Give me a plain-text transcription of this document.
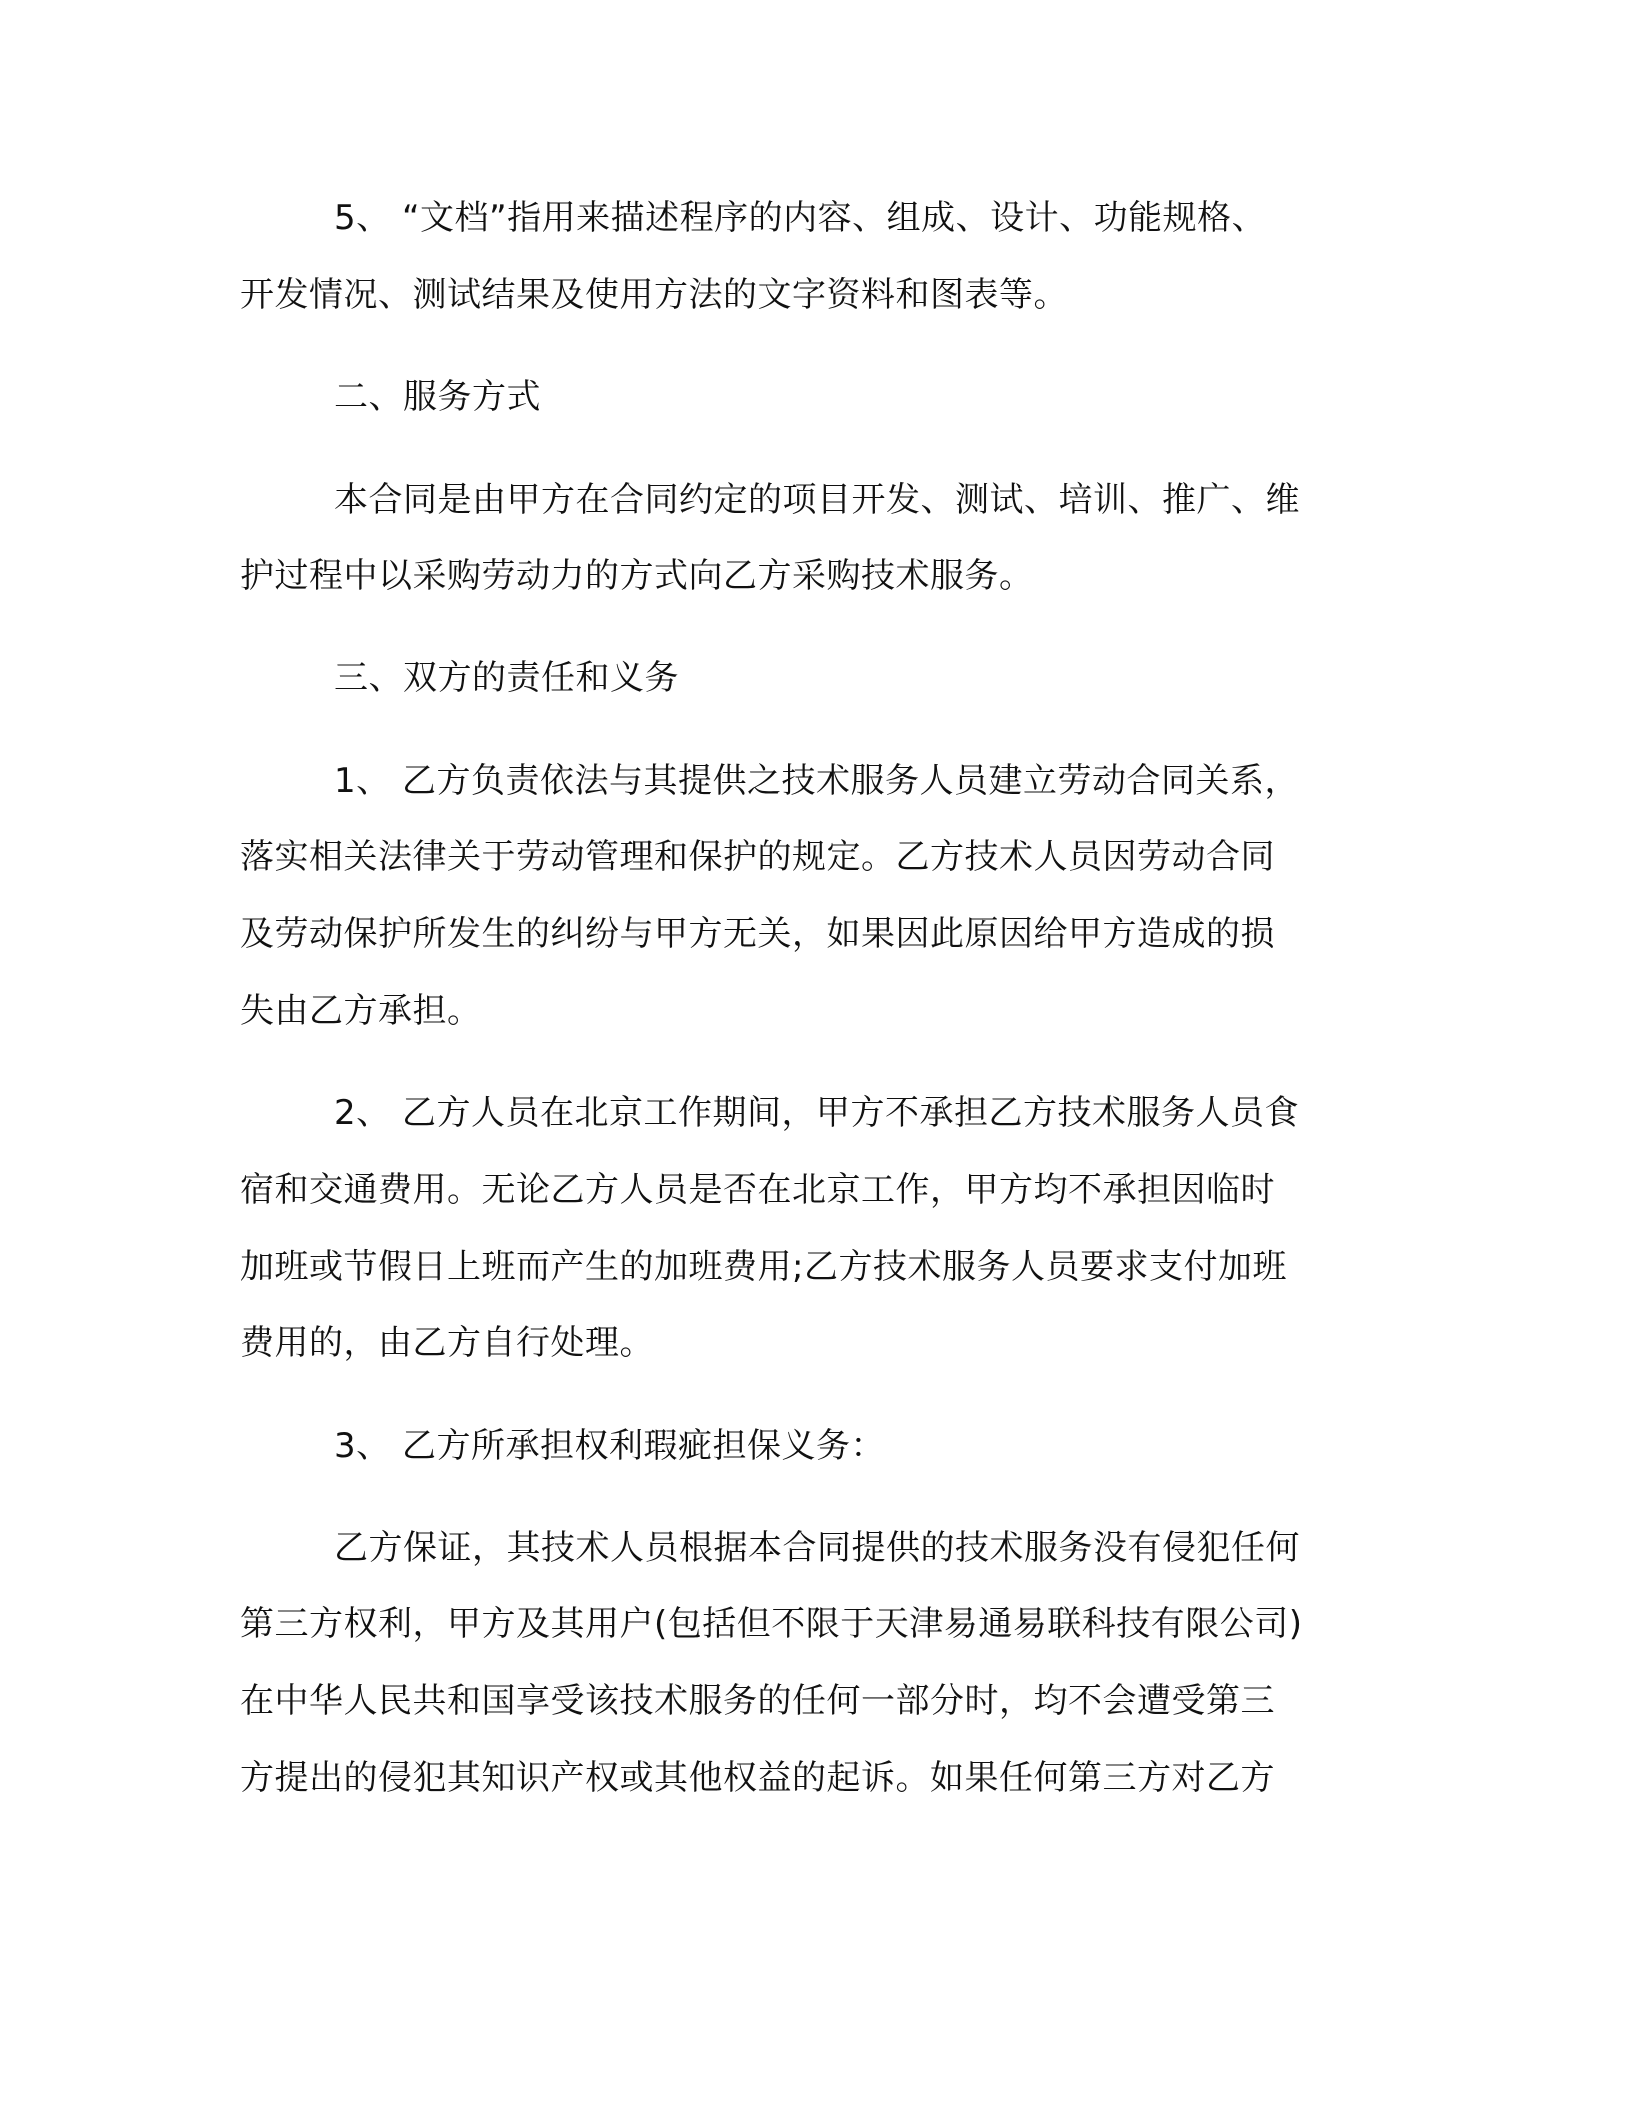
5、 “文档”指用来描述程序的内容、组成、设计、功能规格、
开发情况、测试结果及使用方法的文字资料和图表等。
二、服务方式
本合同是由甲方在合同约定的项目开发、测试、培训、推广、维
护过程中以采购劳动力的方式向乙方采购技术服务。
三、双方的责任和义务
1、 乙方负责依法与其提供之技术服务人员建立劳动合同关系，
落实相关法律关于劳动管理和保护的规定。乙方技术人员因劳动合同
及劳动保护所发生的纠纷与甲方无关，如果因此原因给甲方造成的损
失由乙方承担。
2、 乙方人员在北京工作期间，甲方不承担乙方技术服务人员食
宿和交通费用。无论乙方人员是否在北京工作，甲方均不承担因临时
加班或节假日上班而产生的加班费用;乙方技术服务人员要求支付加班
费用的，由乙方自行处理。
3、 乙方所承担权利瑕疵担保义务：
乙方保证，其技术人员根据本合同提供的技术服务没有侵犯任何
第三方权利，甲方及其用户(包括但不限于天津易通易联科技有限公司)
在中华人民共和国享受该技术服务的任何一部分时，均不会遭受第三
方提出的侵犯其知识产权或其他权益的起诉。如果任何第三方对乙方
